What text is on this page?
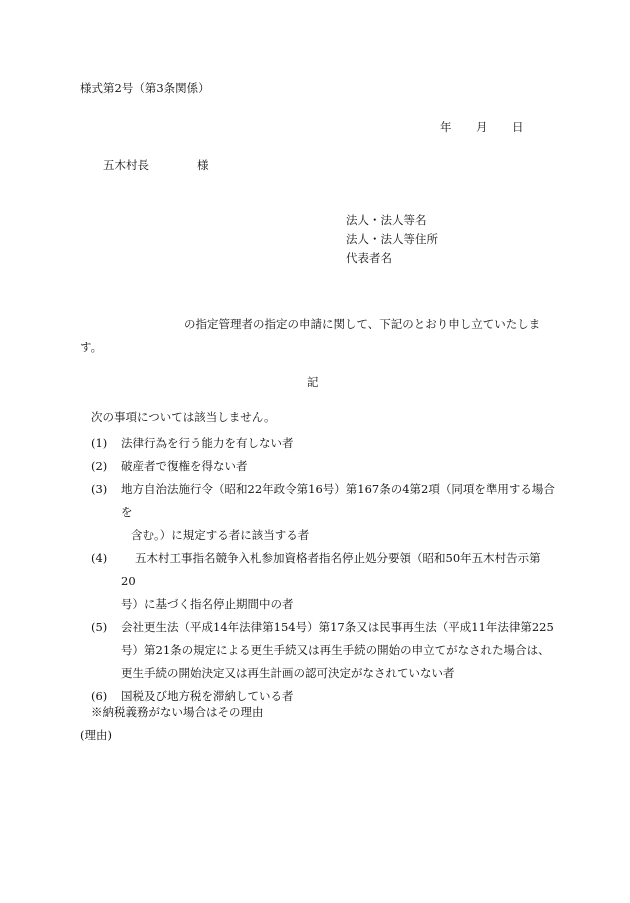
様式第2号（第3条関係）
年 月 日
五木村長	様
法人・法人等名
法人・法人等住所
代表者名
の指定管理者の指定の申請に関して、下記のとおり申し立ていたします。
記
次の事項については該当しません。
(1)	法律行為を行う能力を有しない者
(2)	破産者で復権を得ない者
(3)	地方自治法施行令（昭和22年政令第16号）第167条の4第2項（同項を準用する場合を
含む。）に規定する者に該当する者
(4)	五木村工事指名競争入札参加資格者指名停止処分要領（昭和50年五木村告示第20
号）に基づく指名停止期間中の者
(5)	会社更生法（平成14年法律第154号）第17条又は民事再生法（平成11年法律第225号）第21条の規定による更生手続又は再生手続の開始の申立てがなされた場合は、更生手続の開始決定又は再生計画の認可決定がなされていない者
(6)	国税及び地方税を滞納している者
※納税義務がない場合はその理由
(理由)
